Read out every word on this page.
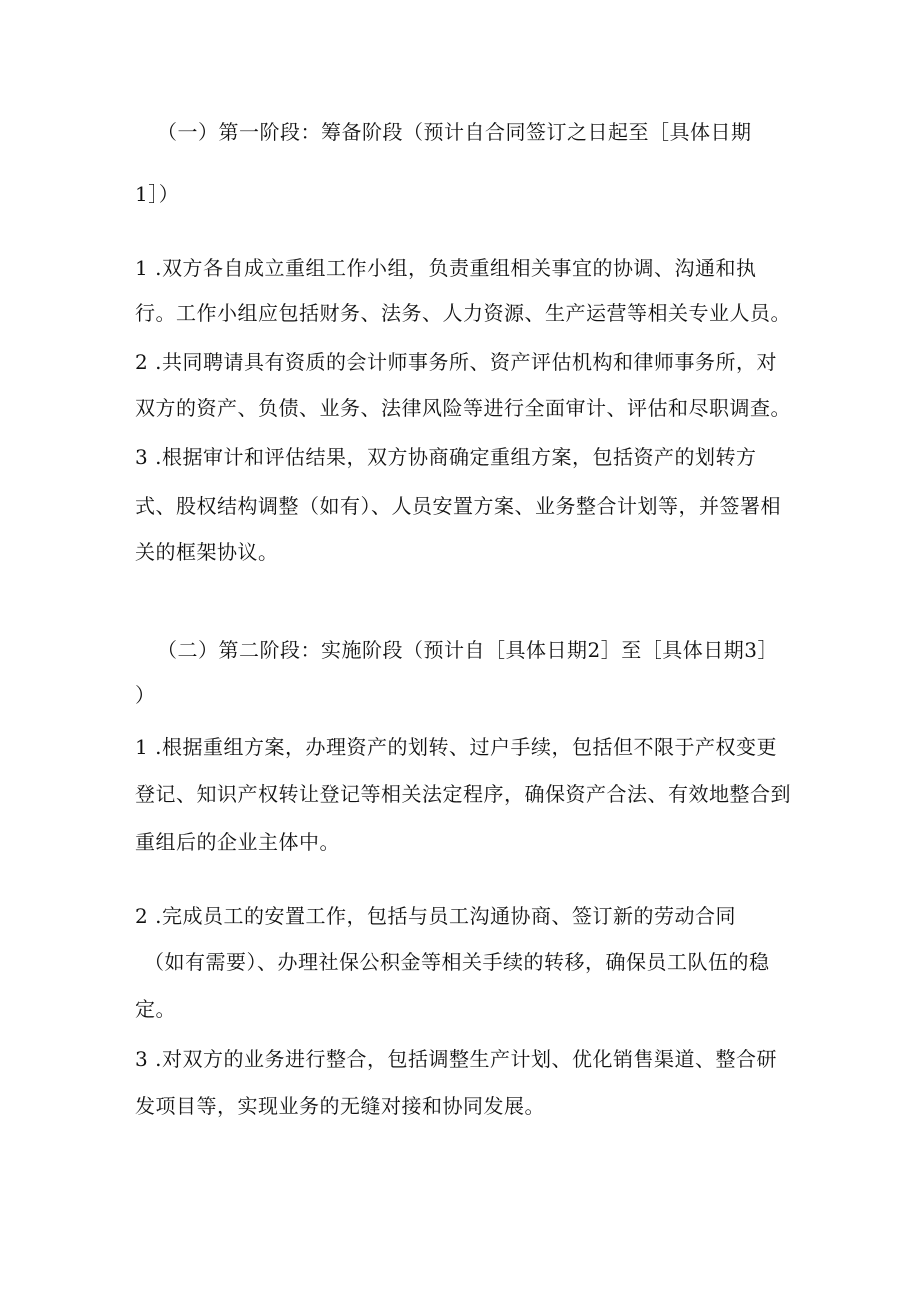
（一）第一阶段：筹备阶段（预计自合同签订之日起至［具体日期
1］）
1 .双方各自成立重组工作小组，负责重组相关事宜的协调、沟通和执
行。工作小组应包括财务、法务、人力资源、生产运营等相关专业人员。
2 .共同聘请具有资质的会计师事务所、资产评估机构和律师事务所，对
双方的资产、负债、业务、法律风险等进行全面审计、评估和尽职调查。
3 .根据审计和评估结果，双方协商确定重组方案，包括资产的划转方
式、股权结构调整（如有）、人员安置方案、业务整合计划等，并签署相
关的框架协议。
（二）第二阶段：实施阶段（预计自［具体日期2］至［具体日期3］
）
1 .根据重组方案，办理资产的划转、过户手续，包括但不限于产权变更
登记、知识产权转让登记等相关法定程序，确保资产合法、有效地整合到
重组后的企业主体中。
2 .完成员工的安置工作，包括与员工沟通协商、签订新的劳动合同
（如有需要）、办理社保公积金等相关手续的转移，确保员工队伍的稳
定。
3 .对双方的业务进行整合，包括调整生产计划、优化销售渠道、整合研
发项目等，实现业务的无缝对接和协同发展。
